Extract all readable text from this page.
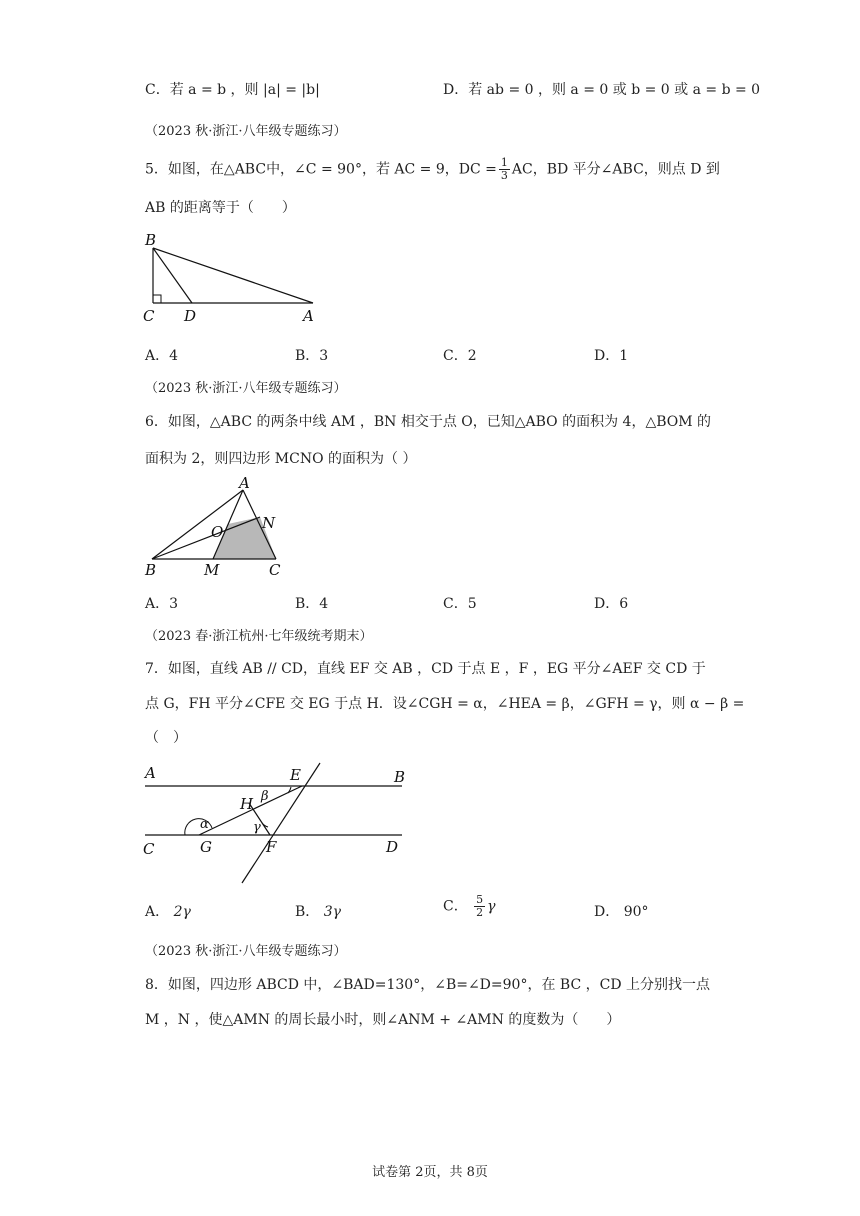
C．若 a = b ，则 |a| = |b|	D．若 ab = 0 ，则 a = 0 或 b = 0 或 a = b = 0
（2023 秋·浙江·八年级专题练习）
5．如图，在△ABC中，∠C = 90°，若 AC = 9，DC = $\frac{1}{3}$ AC，BD 平分∠ABC，则点 D 到
AB 的距离等于（　　）
B
C D	A
A．4	B．3	C．2	D．1
（2023 秋·浙江·八年级专题练习）
6．如图，△ABC 的两条中线 AM ，BN 相交于点 O，已知△ABO 的面积为 4，△BOM 的
面积为 2，则四边形 MCNO 的面积为（ ）
A
N
O
B	M	C
A．3	B．4	C．5	D．6
（2023 春·浙江杭州·七年级统考期末）
7．如图，直线 AB // CD，直线 EF 交 AB ，CD 于点 E ，F ，EG 平分∠AEF 交 CD 于
点 G，FH 平分∠CFE 交 EG 于点 H．设∠CGH = α，∠HEA = β，∠GFH = γ，则 α − β =
（　）
A	E	B
H β
α	γ
C	G	F	D
A． 2γ	B． 3γ	C． $\frac{5}{2}$ γ	D． 90°
（2023 秋·浙江·八年级专题练习）
8．如图，四边形 ABCD 中，∠BAD=130°，∠B=∠D=90°，在 BC ，CD 上分别找一点
M ，N ，使△AMN 的周长最小时，则∠ANM + ∠AMN 的度数为（　　）
试卷第 2页，共 8页
